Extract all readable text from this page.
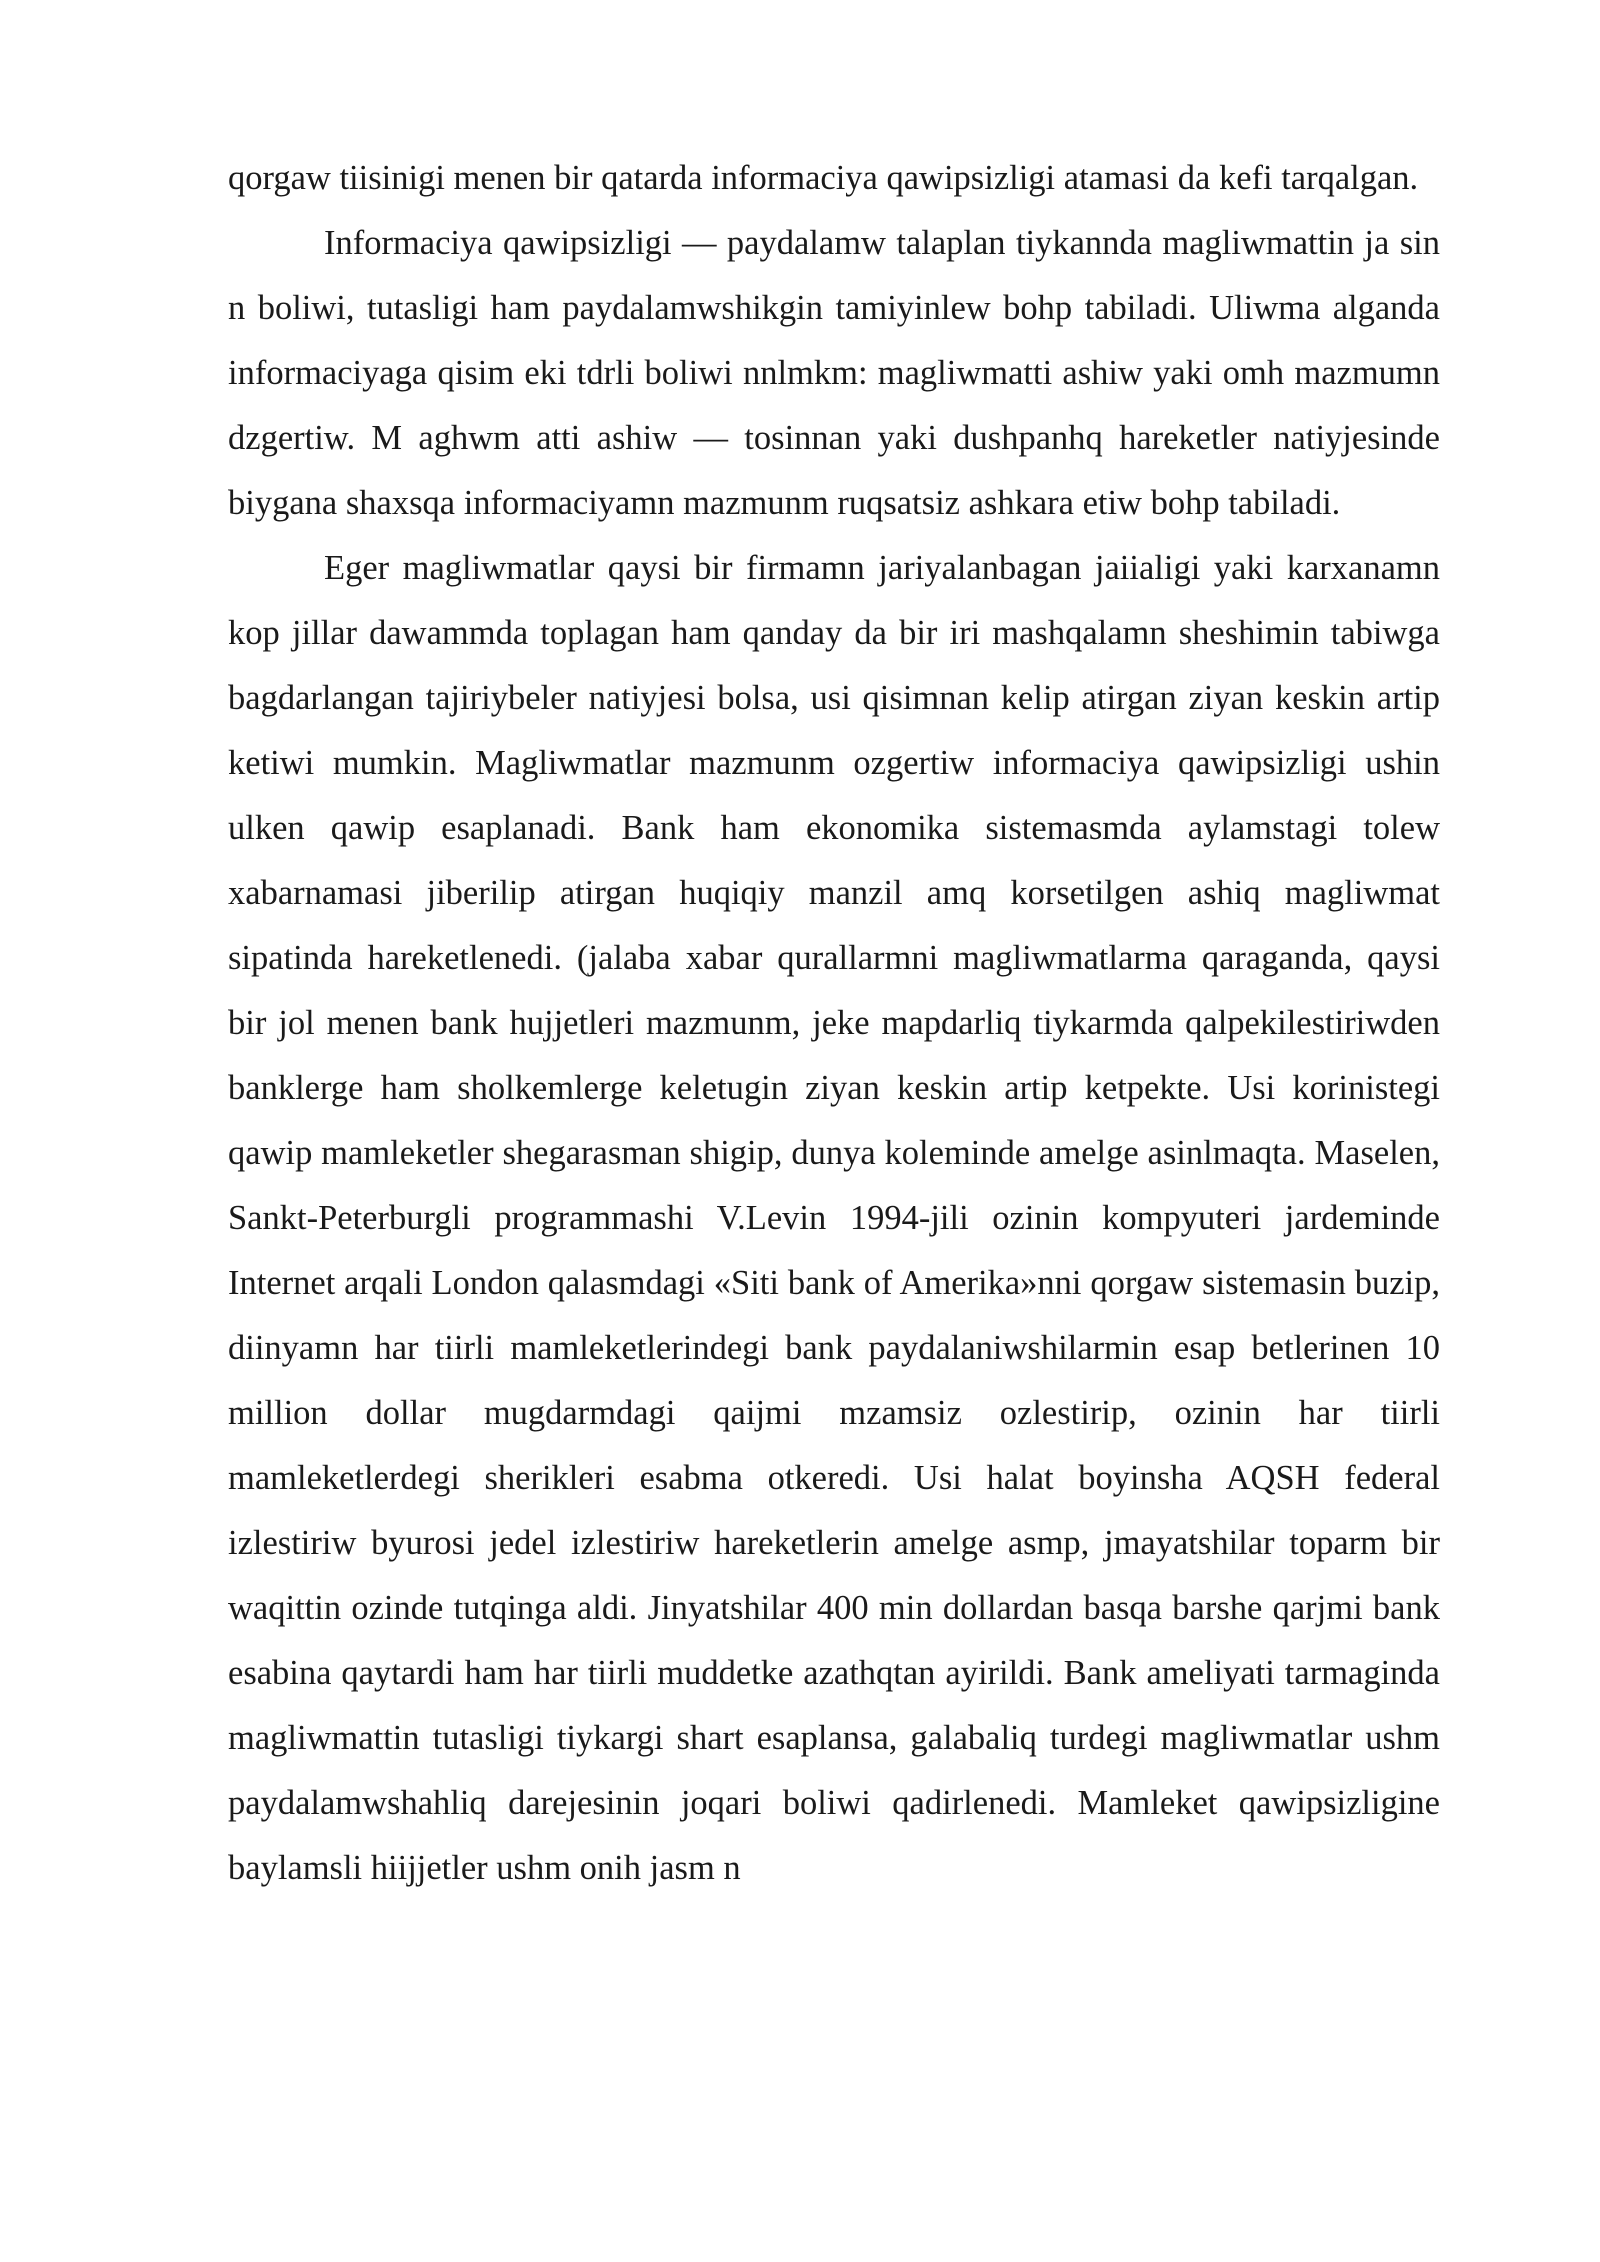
qorgaw tiisinigi menen bir qatarda informaciya qawipsizligi atamasi da kefi tarqalgan.

Informaciya qawipsizligi — paydalamw talaplan tiykannda magliwmattin ja sin n boliwi, tutasligi ham paydalamwshikgin tamiyinlew bohp tabiladi. Uliwma alganda informaciyaga qisim eki tdrli boliwi nnlmkm: magliwmatti ashiw yaki omh mazmumn dzgertiw. M aghwm atti ashiw — tosinnan yaki dushpanhq hareketler natiyjesinde biygana shaxsqa informaciyamn mazmunm ruqsatsiz ashkara etiw bohp tabiladi.

Eger magliwmatlar qaysi bir firmamn jariyalanbagan jaiialigi yaki karxanamn kop jillar dawammda toplagan ham qanday da bir iri mashqalamn sheshimin tabiwga bagdarlangan tajiriybeler natiyjesi bolsa, usi qisimnan kelip atirgan ziyan keskin artip ketiwi mumkin. Magliwmatlar mazmunm ozgertiw informaciya qawipsizligi ushin ulken qawip esaplanadi. Bank ham ekonomika sistemasmda aylamstagi tolew xabarnamasi jiberilip atirgan huqiqiy manzil amq korsetilgen ashiq magliwmat sipatinda hareketlenedi. (jalaba xabar qurallarmni magliwmatlarma qaraganda, qaysi bir jol menen bank hujjetleri mazmunm, jeke mapdarliq tiykarmda qalpekilestiriwden banklerge ham sholkemlerge keletugin ziyan keskin artip ketpekte. Usi korinistegi qawip mamleketler shegarasman shigip, dunya koleminde amelge asinlmaqta. Maselen, Sankt-Peterburgli programmashi V.Levin 1994-jili ozinin kompyuteri jardeminde Internet arqali London qalasmdagi «Siti bank of Amerika»nni qorgaw sistemasin buzip, diinyamn har tiirli mamleketlerindegi bank paydalaniwshilarmin esap betlerinen 10 million dollar mugdarmdagi qaijmi mzamsiz ozlestirip, ozinin har tiirli mamleketlerdegi sherikleri esabma otkeredi. Usi halat boyinsha AQSH federal izlestiriw byurosi jedel izlestiriw hareketlerin amelge asmp, jmayatshilar toparm bir waqittin ozinde tutqinga aldi. Jinyatshilar 400 min dollardan basqa barshe qarjmi bank esabina qaytardi ham har tiirli muddetke azathqtan ayirildi. Bank ameliyati tarmaginda magliwmattin tutasligi tiykargi shart esaplansa, galabaliq turdegi magliwmatlar ushm paydalamwshahliq darejesinin joqari boliwi qadirlenedi. Mamleket qawipsizligine baylamsli hiijjetler ushm onih jasm n
